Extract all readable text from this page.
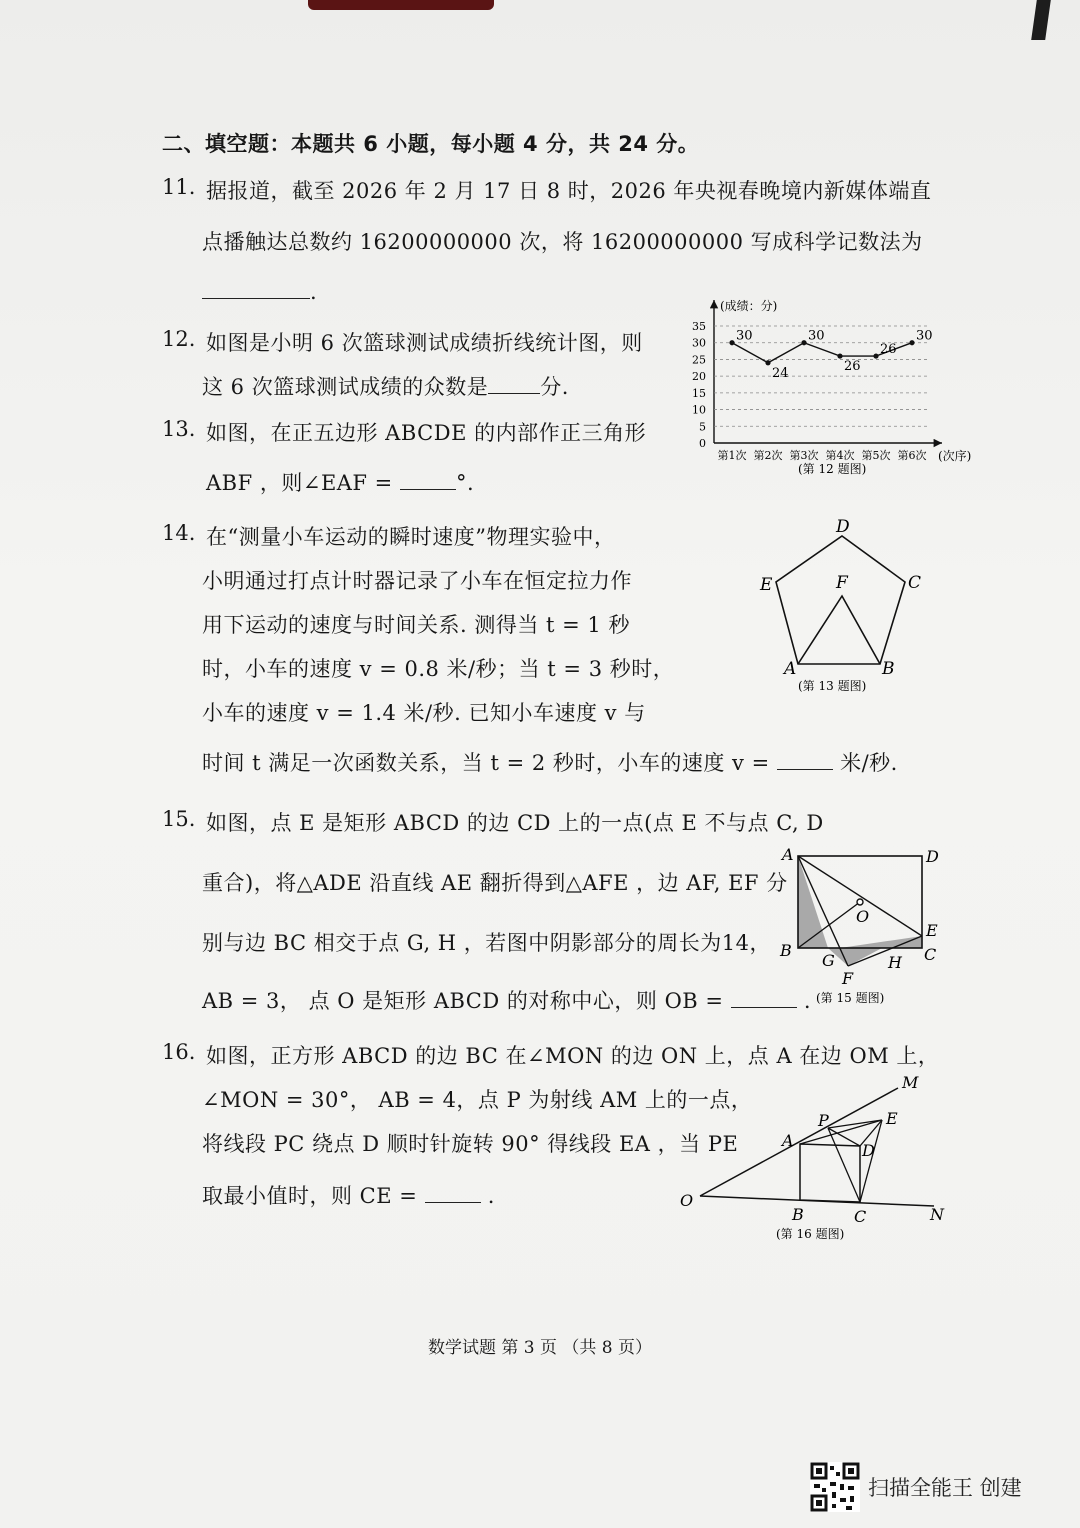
二、填空题：本题共 6 小题，每小题 4 分，共 24 分。
11. 据报道，截至 2026 年 2 月 17 日 8 时，2026 年央视春晚境内新媒体端直
点播触达总数约 16200000000 次，将 16200000000 写成科学记数法为
.
12. 如图是小明 6 次篮球测试成绩折线统计图，则
这 6 次篮球测试成绩的众数是 分.
13. 如图，在正五边形 ABCDE 的内部作正三角形
ABF ，则∠EAF =	°.
14. 在“测量小车运动的瞬时速度”物理实验中，
小明通过打点计时器记录了小车在恒定拉力作
用下运动的速度与时间关系. 测得当 t = 1 秒
时，小车的速度 v = 0.8 米/秒；当 t = 3 秒时，
小车的速度 v = 1.4 米/秒. 已知小车速度 v 与
时间 t 满足一次函数关系，当 t = 2 秒时，小车的速度 v =	米/秒.
15. 如图，点 E 是矩形 ABCD 的边 CD 上的一点(点 E 不与点 C, D
重合)，将△ADE 沿直线 AE 翻折得到△AFE ，边 AF, EF 分
别与边 BC 相交于点 G, H ，若图中阴影部分的周长为14，
AB = 3， 点 O 是矩形 ABCD 的对称中心，则 OB =	.
16. 如图，正方形 ABCD 的边 BC 在∠MON 的边 ON 上，点 A 在边 OM 上，
∠MON = 30°， AB = 4，点 P 为射线 AM 上的一点，
将线段 PC 绕点 D 顺时针旋转 90° 得线段 EA ，当 PE
取最小值时，则 CE =	.
(成绩：分)
(次序)
0
5
10
15
20
25
30
35
第1次 第2次 第3次 第4次 第5次 第6次
30
24
30
26
26
30
(第 12 题图)
D
E	F	C
A	B
(第 13 题图)
A	D
O
E
B
G	H C
F
(第 15 题图)
M
P	E
A
D
O
B	C	N
(第 16 题图)
数学试题 第 3 页 （共 8 页）
扫描全能王 创建
